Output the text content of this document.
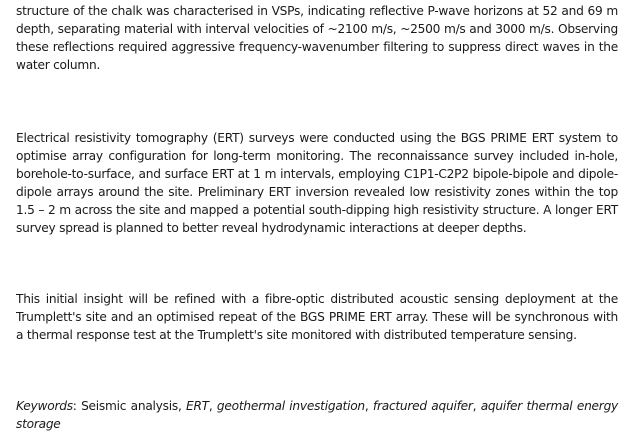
structure of the chalk was characterised in VSPs, indicating reflective P-wave horizons at 52 and 69 m depth, separating material with interval velocities of ~2100 m/s, ~2500 m/s and 3000 m/s. Observing these reflections required aggressive frequency-wavenumber filtering to suppress direct waves in the water column.

Electrical resistivity tomography (ERT) surveys were conducted using the BGS PRIME ERT system to optimise array configuration for long-term monitoring. The reconnaissance survey included in-hole, borehole-to-surface, and surface ERT at 1 m intervals, employing C1P1-C2P2 bipole-bipole and dipole-dipole arrays around the site. Preliminary ERT inversion revealed low resistivity zones within the top 1.5 – 2 m across the site and mapped a potential south-dipping high resistivity structure. A longer ERT survey spread is planned to better reveal hydrodynamic interactions at deeper depths.

This initial insight will be refined with a fibre-optic distributed acoustic sensing deployment at the Trumplett's site and an optimised repeat of the BGS PRIME ERT array. These will be synchronous with a thermal response test at the Trumplett's site monitored with distributed temperature sensing.

Keywords: Seismic analysis, ERT, geothermal investigation, fractured aquifer, aquifer thermal energy storage
